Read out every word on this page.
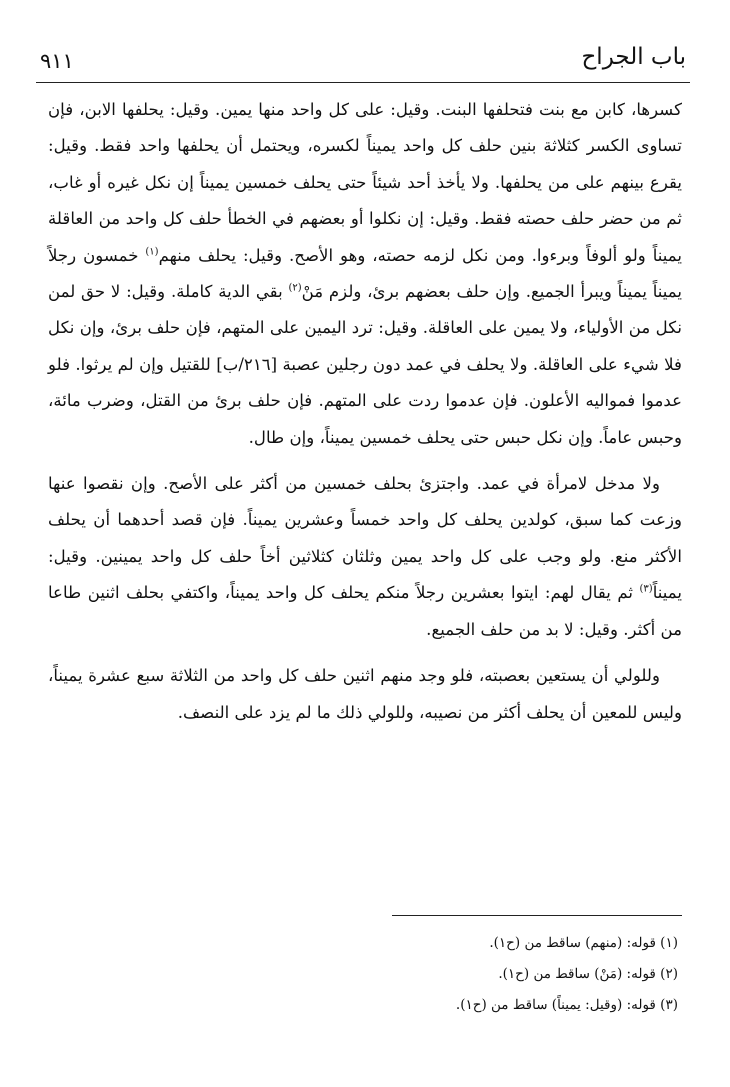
باب الجراح
٩١١

كسرها، كابن مع بنت فتحلفها البنت. وقيل: على كل واحد منها يمين. وقيل: يحلفها الابن، فإن تساوى الكسر كثلاثة بنين حلف كل واحد يميناً لكسره، ويحتمل أن يحلفها واحد فقط. وقيل: يقرع بينهم على من يحلفها. ولا يأخذ أحد شيئاً حتى يحلف خمسين يميناً إن نكل غيره أو غاب، ثم من حضر حلف حصته فقط. وقيل: إن نكلوا أو بعضهم في الخطأ حلف كل واحد من العاقلة يميناً ولو ألوفاً وبرءوا. ومن نكل لزمه حصته، وهو الأصح. وقيل: يحلف منهم$^{(١)}$ خمسون رجلاً يميناً يميناً ويبرأ الجميع. وإن حلف بعضهم برئ، ولزم مَنْ$^{(٢)}$ بقي الدية كاملة. وقيل: لا حق لمن نكل من الأولياء، ولا يمين على العاقلة. وقيل: ترد اليمين على المتهم، فإن حلف برئ، وإن نكل فلا شيء على العاقلة. ولا يحلف في عمد دون رجلين عصبة [٢١٦/ب] للقتيل وإن لم يرثوا. فلو عدموا فمواليه الأعلون. فإن عدموا ردت على المتهم. فإن حلف برئ من القتل، وضرب مائة، وحبس عاماً. وإن نكل حبس حتى يحلف خمسين يميناً، وإن طال.

ولا مدخل لامرأة في عمد. واجتزئ بحلف خمسين من أكثر على الأصح. وإن نقصوا عنها وزعت كما سبق، كولدين يحلف كل واحد خمساً وعشرين يميناً. فإن قصد أحدهما أن يحلف الأكثر منع. ولو وجب على كل واحد يمين وثلثان كثلاثين أخاً حلف كل واحد يمينين. وقيل: يميناً$^{(٣)}$ ثم يقال لهم: ايتوا بعشرين رجلاً منكم يحلف كل واحد يميناً، واكتفي بحلف اثنين طاعا من أكثر. وقيل: لا بد من حلف الجميع.

وللولي أن يستعين بعصبته، فلو وجد منهم اثنين حلف كل واحد من الثلاثة سبع عشرة يميناً، وليس للمعين أن يحلف أكثر من نصيبه، وللولي ذلك ما لم يزد على النصف.

(١) قوله: (منهم) ساقط من (ح١).

(٢) قوله: (مَنْ) ساقط من (ح١).

(٣) قوله: (وقيل: يميناً) ساقط من (ح١).
